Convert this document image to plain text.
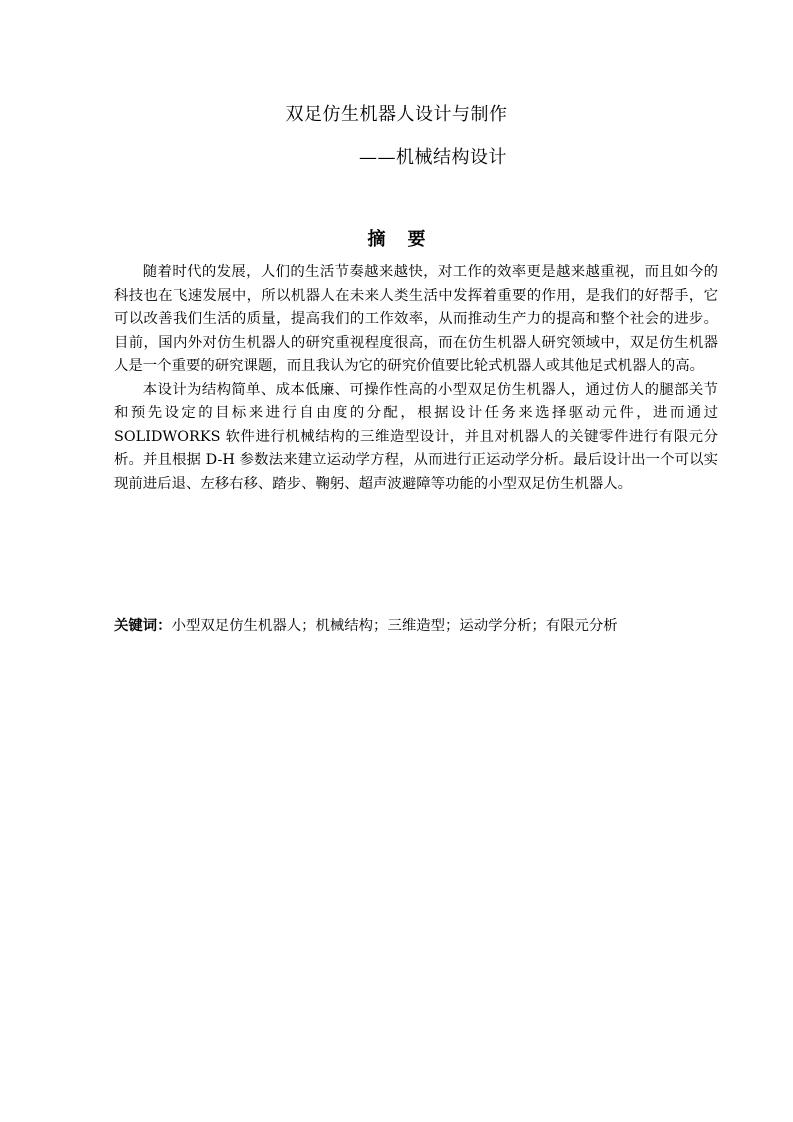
双足仿生机器人设计与制作
——机械结构设计
摘 要

随着时代的发展，人们的生活节奏越来越快，对工作的效率更是越来越重视，而且如今的科技也在飞速发展中，所以机器人在未来人类生活中发挥着重要的作用，是我们的好帮手，它可以改善我们生活的质量，提高我们的工作效率，从而推动生产力的提高和整个社会的进步。目前，国内外对仿生机器人的研究重视程度很高，而在仿生机器人研究领域中，双足仿生机器人是一个重要的研究课题，而且我认为它的研究价值要比轮式机器人或其他足式机器人的高。

本设计为结构简单、成本低廉、可操作性高的小型双足仿生机器人，通过仿人的腿部关节和预先设定的目标来进行自由度的分配，根据设计任务来选择驱动元件，进而通过 SOLIDWORKS 软件进行机械结构的三维造型设计，并且对机器人的关键零件进行有限元分析。并且根据 D-H 参数法来建立运动学方程，从而进行正运动学分析。最后设计出一个可以实现前进后退、左移右移、踏步、鞠躬、超声波避障等功能的小型双足仿生机器人。

关键词：小型双足仿生机器人；机械结构；三维造型；运动学分析；有限元分析
